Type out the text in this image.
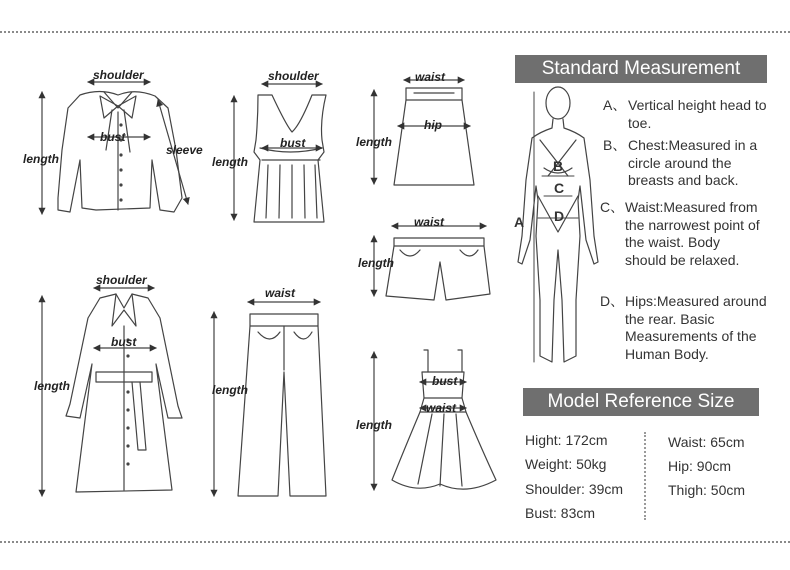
shoulder
bust
length
sleeve
shoulder
bust
length
waist
hip
length
waist
length
shoulder
bust
length
waist
length
bust
waist
length
Standard Measurement
A
B
C
D
A、 Vertical height head to toe.
B、 Chest:Measured in a circle around the breasts and back.
C、 Waist:Measured from the narrowest point of the waist. Body should be relaxed.
D、 Hips:Measured around the rear. Basic Measurements of the Human Body.
Model Reference Size
Hight: 172cm
Weight: 50kg
Shoulder: 39cm
Bust: 83cm
Waist: 65cm
Hip: 90cm
Thigh: 50cm
